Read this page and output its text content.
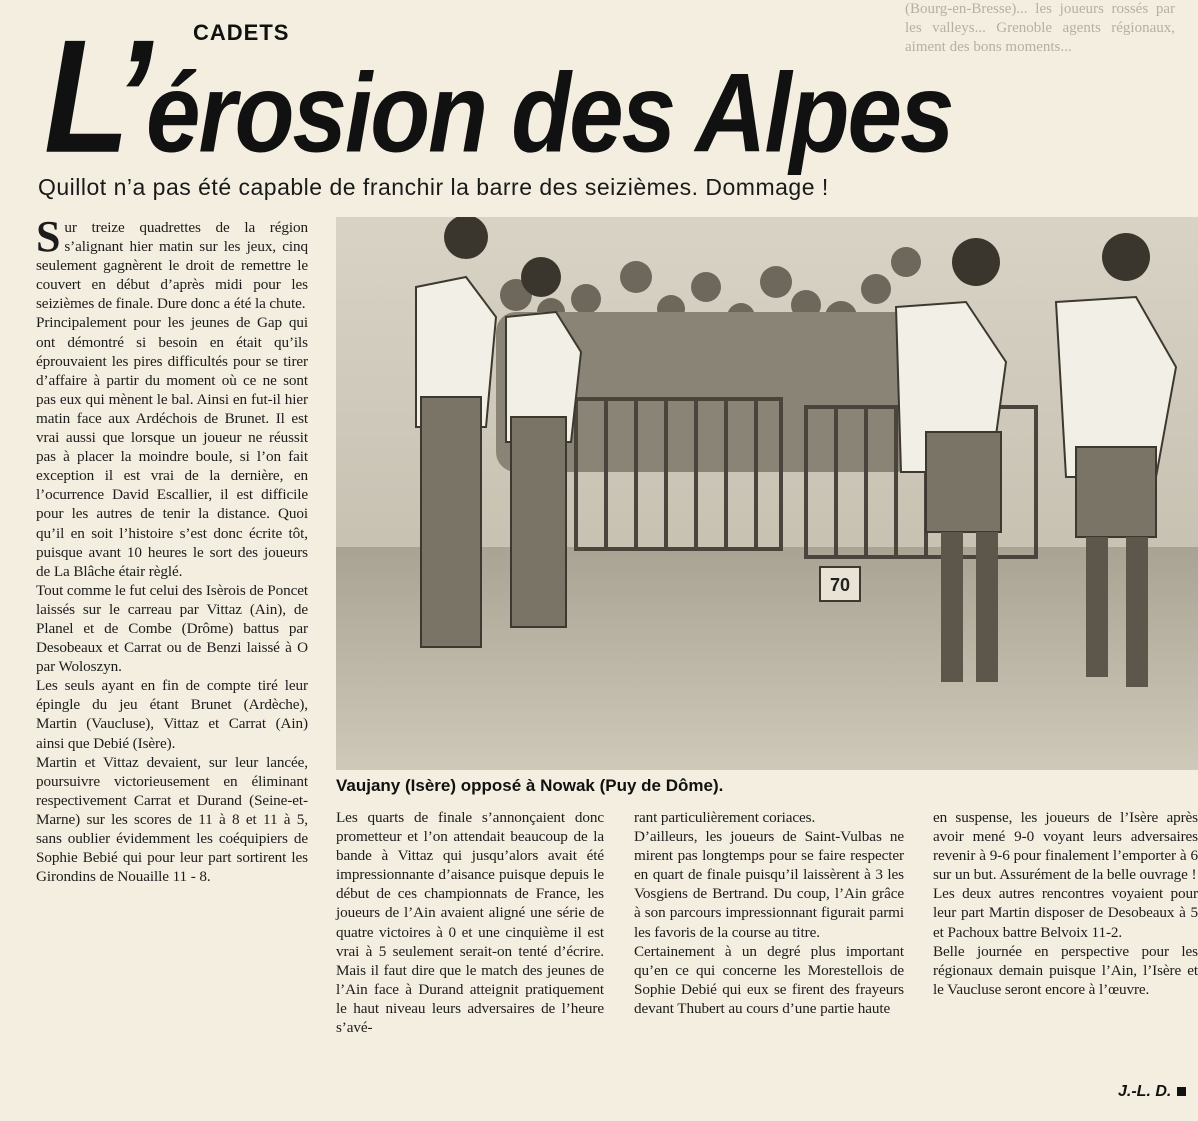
(Bourg-en-Bresse)... les joueurs rossés par les valleys... Grenoble agents régionaux, aiment des bons moments...

L’érosion des Alpes
CADETS
Quillot n’a pas été capable de franchir la barre des seizièmes. Dommage !

Sur treize quadrettes de la région s’alignant hier matin sur les jeux, cinq seulement gagnèrent le droit de remettre le couvert en début d’après midi pour les seizièmes de finale. Dure donc a été la chute.

Principalement pour les jeunes de Gap qui ont démontré si besoin en était qu’ils éprouvaient les pires difficultés pour se tirer d’affaire à partir du moment où ce ne sont pas eux qui mènent le bal. Ainsi en fut-il hier matin face aux Ardéchois de Brunet. Il est vrai aussi que lorsque un joueur ne réussit pas à placer la moindre boule, si l’on fait exception il est vrai de la dernière, en l’ocurrence David Escallier, il est difficile pour les autres de tenir la distance. Quoi qu’il en soit l’histoire s’est donc écrite tôt, puisque avant 10 heures le sort des joueurs de La Blâche étair règlé.

Tout comme le fut celui des Isèrois de Poncet laissés sur le carreau par Vittaz (Ain), de Planel et de Combe (Drôme) battus par Desobeaux et Carrat ou de Benzi laissé à O par Woloszyn.

Les seuls ayant en fin de compte tiré leur épingle du jeu étant Brunet (Ardèche), Martin (Vaucluse), Vittaz et Carrat (Ain) ainsi que Debié (Isère).

Martin et Vittaz devaient, sur leur lancée, poursuivre victorieusement en éliminant respectivement Carrat et Durand (Seine-et-Marne) sur les scores de 11 à 8 et 11 à 5, sans oublier évidemment les coéquipiers de Sophie Bebié qui pour leur part sortirent les Girondins de Nouaille 11 - 8.

70
Vaujany (Isère) opposé à Nowak (Puy de Dôme).

Les quarts de finale s’annonçaient donc prometteur et l’on attendait beaucoup de la bande à Vittaz qui jusqu’alors avait été impressionnante d’aisance puisque depuis le début de ces championnats de France, les joueurs de l’Ain avaient aligné une série de quatre victoires à 0 et une cinquième il est vrai à 5 seulement serait-on tenté d’écrire. Mais il faut dire que le match des jeunes de l’Ain face à Durand atteignit pratiquement le haut niveau leurs adversaires de l’heure s’avé-

rant particulièrement coriaces.

D’ailleurs, les joueurs de Saint-Vulbas ne mirent pas longtemps pour se faire respecter en quart de finale puisqu’il laissèrent à 3 les Vosgiens de Bertrand. Du coup, l’Ain grâce à son parcours impressionnant figurait parmi les favoris de la course au titre.

Certainement à un degré plus important qu’en ce qui concerne les Morestellois de Sophie Debié qui eux se firent des frayeurs devant Thubert au cours d’une partie haute

en suspense, les joueurs de l’Isère après avoir mené 9-0 voyant leurs adversaires revenir à 9-6 pour finalement l’emporter à 6 sur un but. Assurément de la belle ouvrage !

Les deux autres rencontres voyaient pour leur part Martin disposer de Desobeaux à 5 et Pachoux battre Belvoix 11-2.

Belle journée en perspective pour les régionaux demain puisque l’Ain, l’Isère et le Vaucluse seront encore à l’œuvre.

J.-L. D.
